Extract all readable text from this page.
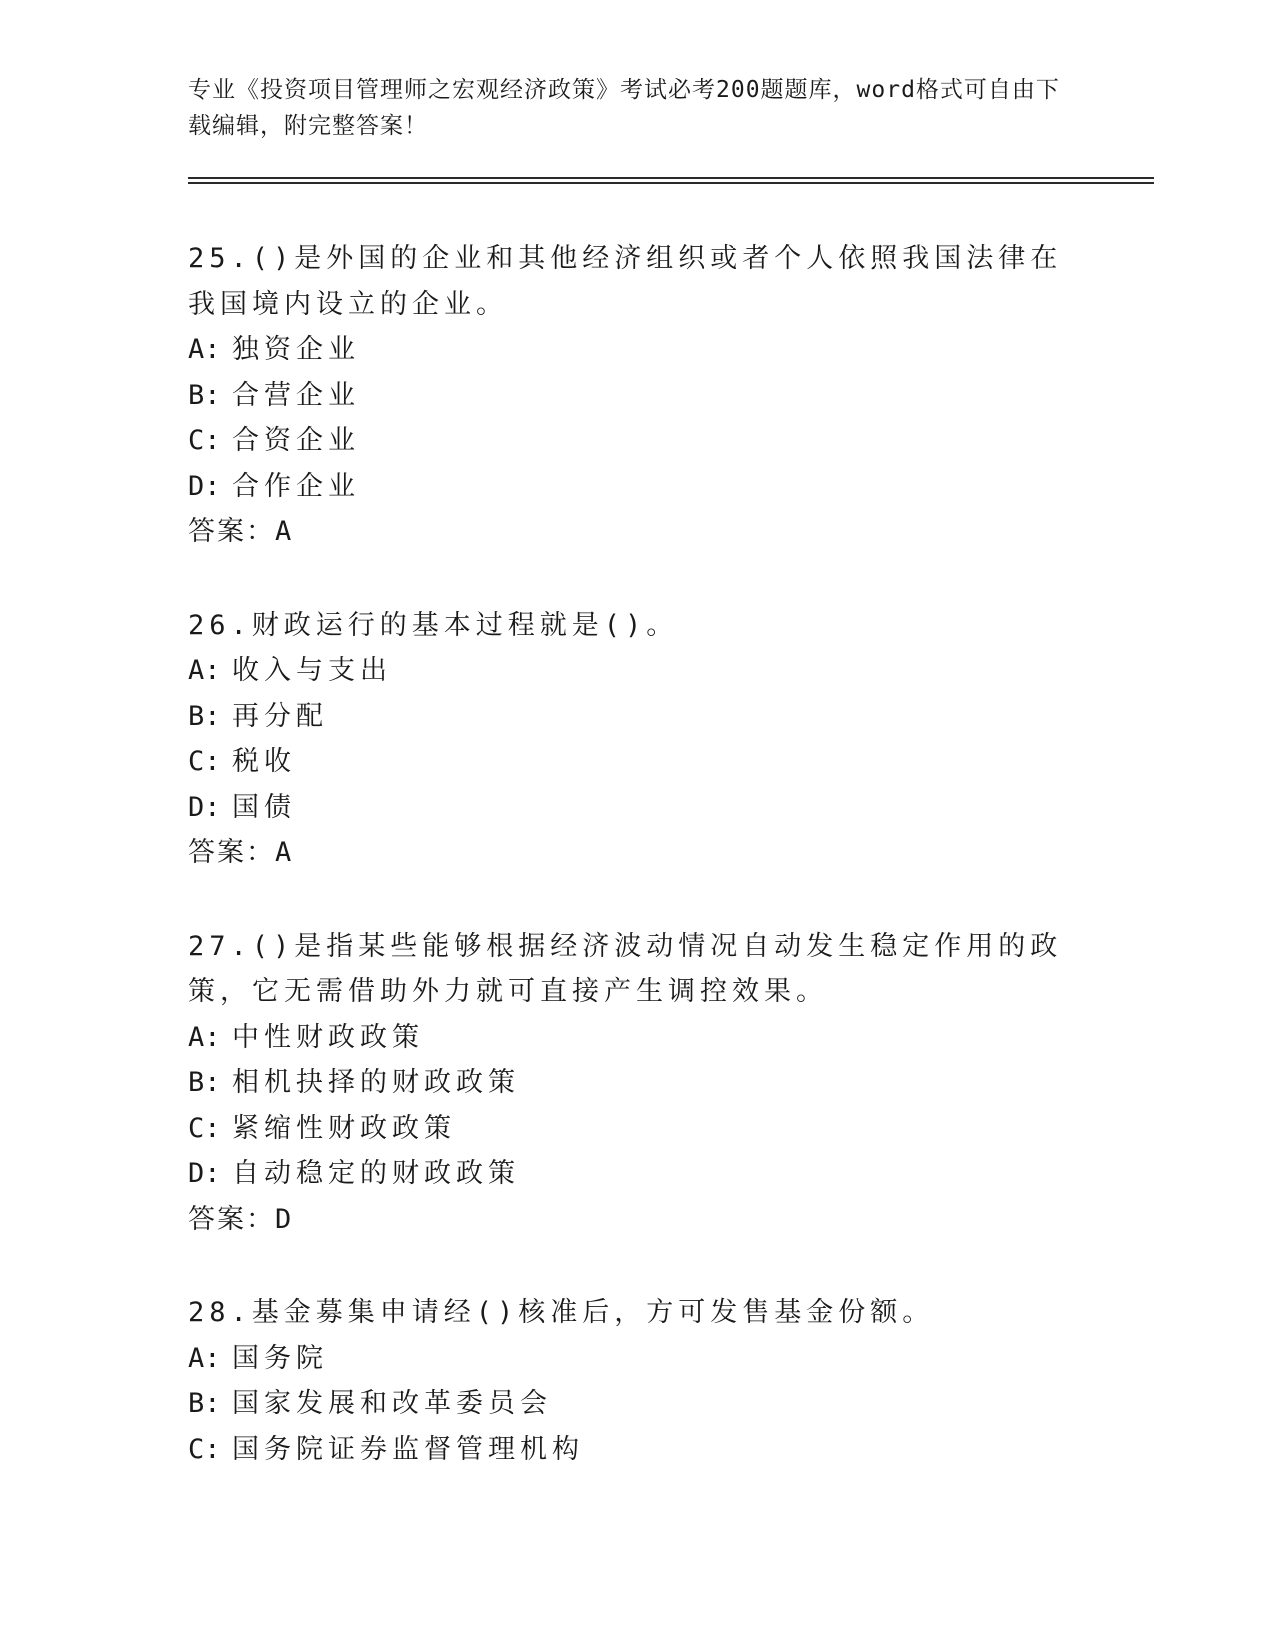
专业《投资项目管理师之宏观经济政策》考试必考200题题库，word格式可自由下载编辑，附完整答案！
25.()是外国的企业和其他经济组织或者个人依照我国法律在我国境内设立的企业。
A: 独资企业
B: 合营企业
C: 合资企业
D: 合作企业
答案：A
26.财政运行的基本过程就是()。
A: 收入与支出
B: 再分配
C: 税收
D: 国债
答案：A
27.()是指某些能够根据经济波动情况自动发生稳定作用的政策，它无需借助外力就可直接产生调控效果。
A: 中性财政政策
B: 相机抉择的财政政策
C: 紧缩性财政政策
D: 自动稳定的财政政策
答案：D
28.基金募集申请经()核准后，方可发售基金份额。
A: 国务院
B: 国家发展和改革委员会
C: 国务院证券监督管理机构
